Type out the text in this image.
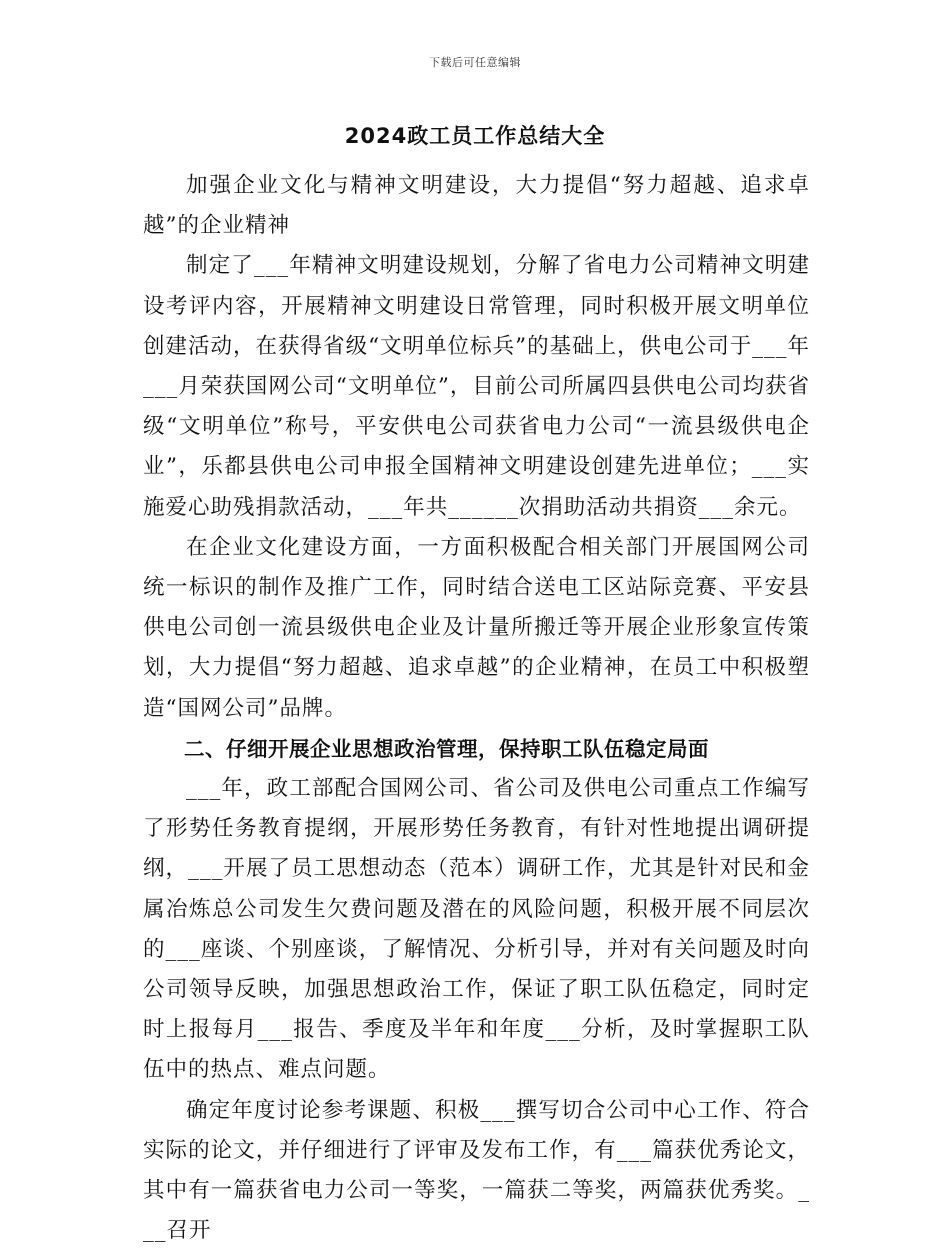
下载后可任意编辑
2024政工员工作总结大全

加强企业文化与精神文明建设，大力提倡“努力超越、追求卓越”的企业精神

制定了___年精神文明建设规划，分解了省电力公司精神文明建设考评内容，开展精神文明建设日常管理，同时积极开展文明单位创建活动，在获得省级“文明单位标兵”的基础上，供电公司于___年___月荣获国网公司“文明单位”，目前公司所属四县供电公司均获省级“文明单位”称号，平安供电公司获省电力公司“一流县级供电企业”，乐都县供电公司申报全国精神文明建设创建先进单位；___实施爱心助残捐款活动，___年共______次捐助活动共捐资___余元。

在企业文化建设方面，一方面积极配合相关部门开展国网公司统一标识的制作及推广工作，同时结合送电工区站际竞赛、平安县供电公司创一流县级供电企业及计量所搬迁等开展企业形象宣传策划，大力提倡“努力超越、追求卓越”的企业精神，在员工中积极塑造“国网公司”品牌。

二、仔细开展企业思想政治管理，保持职工队伍稳定局面

___年，政工部配合国网公司、省公司及供电公司重点工作编写了形势任务教育提纲，开展形势任务教育，有针对性地提出调研提纲，___开展了员工思想动态（范本）调研工作，尤其是针对民和金属冶炼总公司发生欠费问题及潜在的风险问题，积极开展不同层次的___座谈、个别座谈，了解情况、分析引导，并对有关问题及时向公司领导反映，加强思想政治工作，保证了职工队伍稳定，同时定时上报每月___报告、季度及半年和年度___分析，及时掌握职工队伍中的热点、难点问题。

确定年度讨论参考课题、积极___撰写切合公司中心工作、符合实际的论文，并仔细进行了评审及发布工作，有___篇获优秀论文，其中有一篇获省电力公司一等奖，一篇获二等奖，两篇获优秀奖。___召开
